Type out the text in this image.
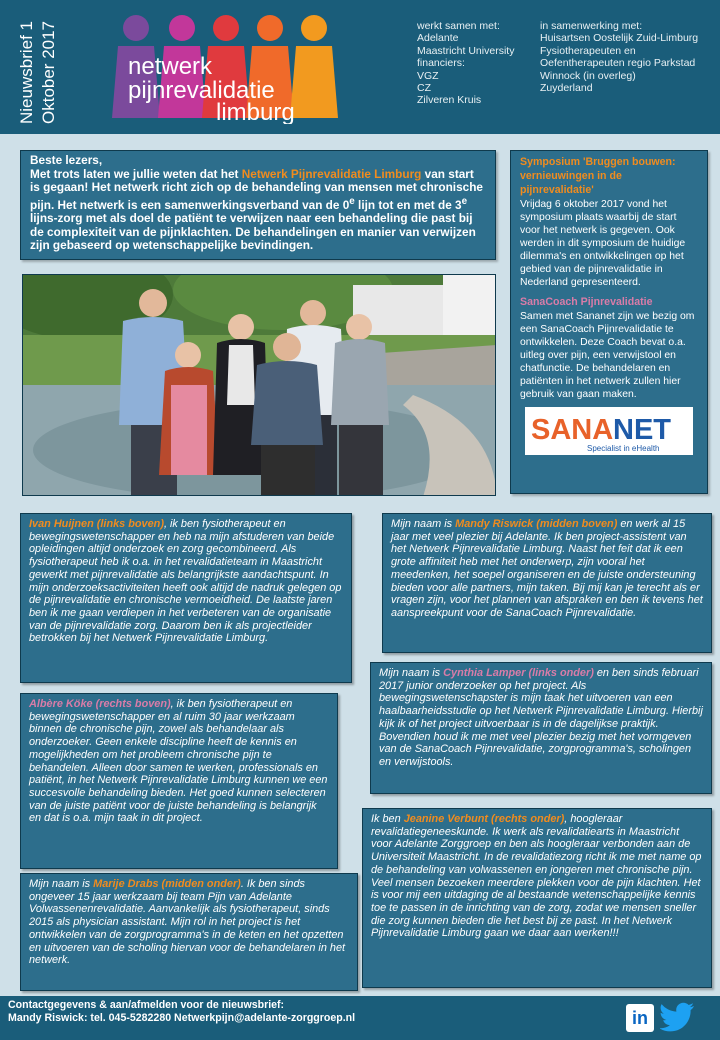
Nieuwsbrief 1 Oktober 2017	netwerk
pijnrevalidatie
limburg
werkt samen met:
Adelante
Maastricht University
financiers:
VGZ
CZ
Zilveren Kruis
in samenwerking met:
Huisartsen Oostelijk Zuid-Limburg
Fysiotherapeuten en
Oefentherapeuten regio Parkstad
Winnock (in overleg)
Zuyderland

Beste lezers,

Met trots laten we jullie weten dat het Netwerk Pijnrevalidatie Limburg van start is gegaan! Het netwerk richt zich op de behandeling van mensen met chronische pijn. Het netwerk is een samenwerkingsverband van de 0e lijn tot en met de 3e lijns-zorg met als doel de patiënt te verwijzen naar een behandeling die past bij de complexiteit van de pijnklachten. De behandelingen en manier van verwijzen zijn gebaseerd op wetenschappelijke bevindingen.

Symposium 'Bruggen bouwen: vernieuwingen in de pijnrevalidatie'

Vrijdag 6 oktober 2017 vond het symposium plaats waarbij de start voor het netwerk is gegeven. Ook werden in dit symposium de huidige dilemma's en ontwikkelingen op het gebied van de pijnrevalidatie in Nederland gepresenteerd.

SanaCoach Pijnrevalidatie

Samen met Sananet zijn we bezig om een SanaCoach Pijnrevalidatie te ontwikkelen. Deze Coach bevat o.a. uitleg over pijn, een verwijstool en chatfunctie. De behandelaren en patiënten in het netwerk zullen hier gebruik van gaan maken.

SANA NET
Specialist in eHealth
Ivan Huijnen (links boven), ik ben fysiotherapeut en bewegingswetenschapper en heb na mijn afstuderen van beide opleidingen altijd onderzoek en zorg gecombineerd. Als fysiotherapeut heb ik o.a. in het revalidatieteam in Maastricht gewerkt met pijnrevalidatie als belangrijkste aandachtspunt. In mijn onderzoeksactiviteiten heeft ook altijd de nadruk gelegen op de pijnrevalidatie en chronische vermoeidheid. De laatste jaren ben ik me gaan verdiepen in het verbeteren van de organisatie van de pijnrevalidatie zorg. Daarom ben ik als projectleider betrokken bij het Netwerk Pijnrevalidatie Limburg.
Mijn naam is Mandy Riswick (midden boven) en werk al 15 jaar met veel plezier bij Adelante. Ik ben project-assistent van het Netwerk Pijnrevalidatie Limburg. Naast het feit dat ik een grote affiniteit heb met het onderwerp, zijn vooral het meedenken, het soepel organiseren en de juiste ondersteuning bieden voor alle partners, mijn taken. Bij mij kan je terecht als er vragen zijn, voor het plannen van afspraken en ben ik tevens het aanspreekpunt voor de SanaCoach Pijnrevalidatie.
Albère Köke (rechts boven), ik ben fysiotherapeut en bewegingswetenschapper en al ruim 30 jaar werkzaam binnen de chronische pijn, zowel als behandelaar als onderzoeker. Geen enkele discipline heeft de kennis en mogelijkheden om het probleem chronische pijn te behandelen. Alleen door samen te werken, professionals en patiënt, in het Netwerk Pijnrevalidatie Limburg kunnen we een succesvolle behandeling bieden. Het goed kunnen selecteren van de juiste patiënt voor de juiste behandeling is belangrijk en dat is o.a. mijn taak in dit project.
Mijn naam is Cynthia Lamper (links onder) en ben sinds februari 2017 junior onderzoeker op het project. Als bewegingswetenschapster is mijn taak het uitvoeren van een haalbaarheidsstudie op het Netwerk Pijnrevalidatie Limburg. Hierbij kijk ik of het project uitvoerbaar is in de dagelijkse praktijk. Bovendien houd ik me met veel plezier bezig met het vormgeven van de SanaCoach Pijnrevalidatie, zorgprogramma's, scholingen en verwijstools.
Ik ben Jeanine Verbunt (rechts onder), hoogleraar revalidatiegeneeskunde. Ik werk als revalidatiearts in Maastricht voor Adelante Zorggroep en ben als hoogleraar verbonden aan de Universiteit Maastricht. In de revalidatiezorg richt ik me met name op de behandeling van volwassenen en jongeren met chronische pijn. Veel mensen bezoeken meerdere plekken voor de pijn klachten. Het is voor mij een uitdaging de al bestaande wetenschappelijke kennis toe te passen in de inrichting van de zorg, zodat we mensen sneller die zorg kunnen bieden die het best bij ze past. In het Netwerk Pijnrevalidatie Limburg gaan we daar aan werken!!!
Mijn naam is Marije Drabs (midden onder). Ik ben sinds ongeveer 15 jaar werkzaam bij team Pijn van Adelante Volwassenenrevalidatie. Aanvankelijk als fysiotherapeut, sinds 2015 als physician assistant. Mijn rol in het project is het ontwikkelen van de zorgprogramma's in de keten en het opzetten en uitvoeren van de scholing hiervan voor de behandelaren in het netwerk.
Contactgegevens & aan/afmelden voor de nieuwsbrief:
Mandy Riswick: tel. 045-5282280 Netwerkpijn@adelante-zorggroep.nl	in
